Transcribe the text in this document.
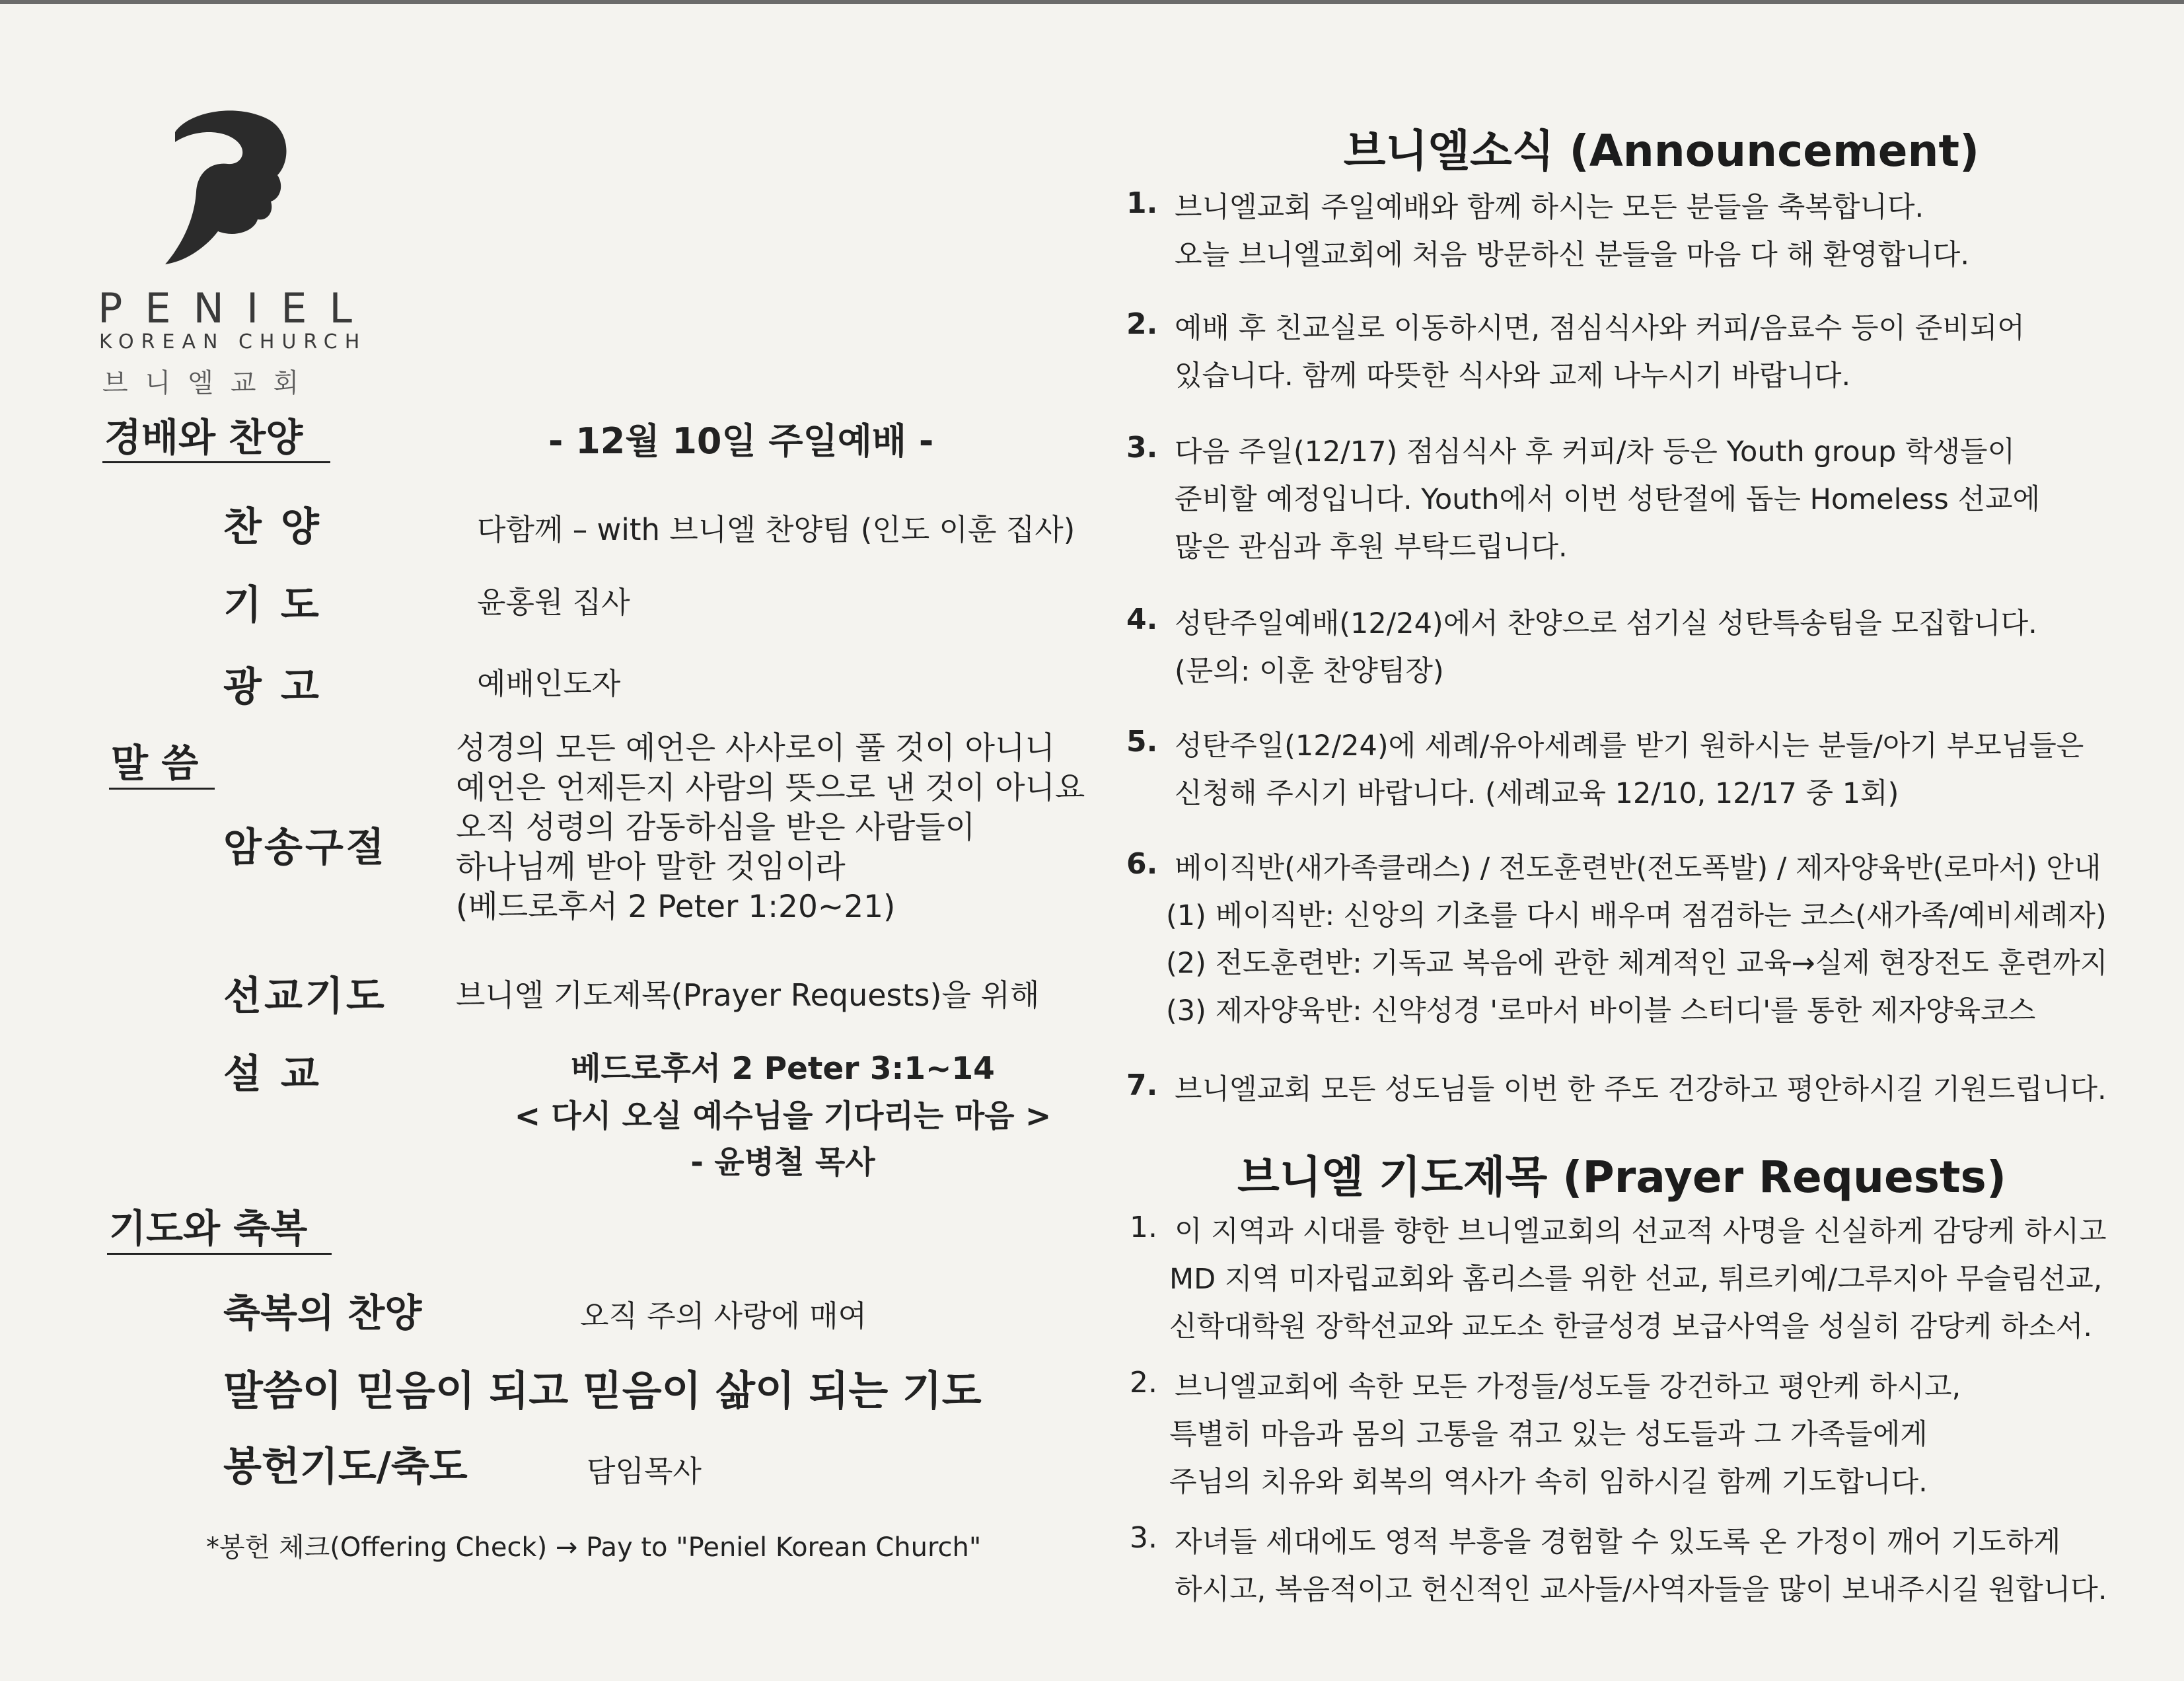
PENIEL
KOREAN CHURCH
브니엘교회
경배와 찬양	- 12월 10일 주일예배 -
찬 양	다함께 – with 브니엘 찬양팀 (인도 이훈 집사)
기 도	윤홍원 집사
광 고	예배인도자
말 씀
암송구절
성경의 모든 예언은 사사로이 풀 것이 아니니
예언은 언제든지 사람의 뜻으로 낸 것이 아니요
오직 성령의 감동하심을 받은 사람들이
하나님께 받아 말한 것임이라
(베드로후서 2 Peter 1:20~21)
선교기도 브니엘 기도제목(Prayer Requests)을 위해
설 교	베드로후서 2 Peter 3:1~14
< 다시 오실 예수님을 기다리는 마음 >
- 윤병철 목사
기도와 축복
축복의 찬양	오직 주의 사랑에 매여
말씀이 믿음이 되고 믿음이 삶이 되는 기도
봉헌기도/축도	담임목사
*봉헌 체크(Offering Check) → Pay to "Peniel Korean Church"
브니엘소식 (Announcement)
1. 브니엘교회 주일예배와 함께 하시는 모든 분들을 축복합니다.
오늘 브니엘교회에 처음 방문하신 분들을 마음 다 해 환영합니다.
2. 예배 후 친교실로 이동하시면, 점심식사와 커피/음료수 등이 준비되어
있습니다. 함께 따뜻한 식사와 교제 나누시기 바랍니다.
3. 다음 주일(12/17) 점심식사 후 커피/차 등은 Youth group 학생들이
준비할 예정입니다. Youth에서 이번 성탄절에 돕는 Homeless 선교에
많은 관심과 후원 부탁드립니다.
4. 성탄주일예배(12/24)에서 찬양으로 섬기실 성탄특송팀을 모집합니다.
(문의: 이훈 찬양팀장)
5. 성탄주일(12/24)에 세례/유아세례를 받기 원하시는 분들/아기 부모님들은
신청해 주시기 바랍니다. (세례교육 12/10, 12/17 중 1회)
6. 베이직반(새가족클래스) / 전도훈련반(전도폭발) / 제자양육반(로마서) 안내
(1) 베이직반: 신앙의 기초를 다시 배우며 점검하는 코스(새가족/예비세례자)
(2) 전도훈련반: 기독교 복음에 관한 체계적인 교육→실제 현장전도 훈련까지
(3) 제자양육반: 신약성경 '로마서 바이블 스터디'를 통한 제자양육코스
7. 브니엘교회 모든 성도님들 이번 한 주도 건강하고 평안하시길 기원드립니다.
브니엘 기도제목 (Prayer Requests)
1. 이 지역과 시대를 향한 브니엘교회의 선교적 사명을 신실하게 감당케 하시고
MD 지역 미자립교회와 홈리스를 위한 선교, 튀르키예/그루지아 무슬림선교,
신학대학원 장학선교와 교도소 한글성경 보급사역을 성실히 감당케 하소서.
2. 브니엘교회에 속한 모든 가정들/성도들 강건하고 평안케 하시고,
특별히 마음과 몸의 고통을 겪고 있는 성도들과 그 가족들에게
주님의 치유와 회복의 역사가 속히 임하시길 함께 기도합니다.
3. 자녀들 세대에도 영적 부흥을 경험할 수 있도록 온 가정이 깨어 기도하게
하시고, 복음적이고 헌신적인 교사들/사역자들을 많이 보내주시길 원합니다.
